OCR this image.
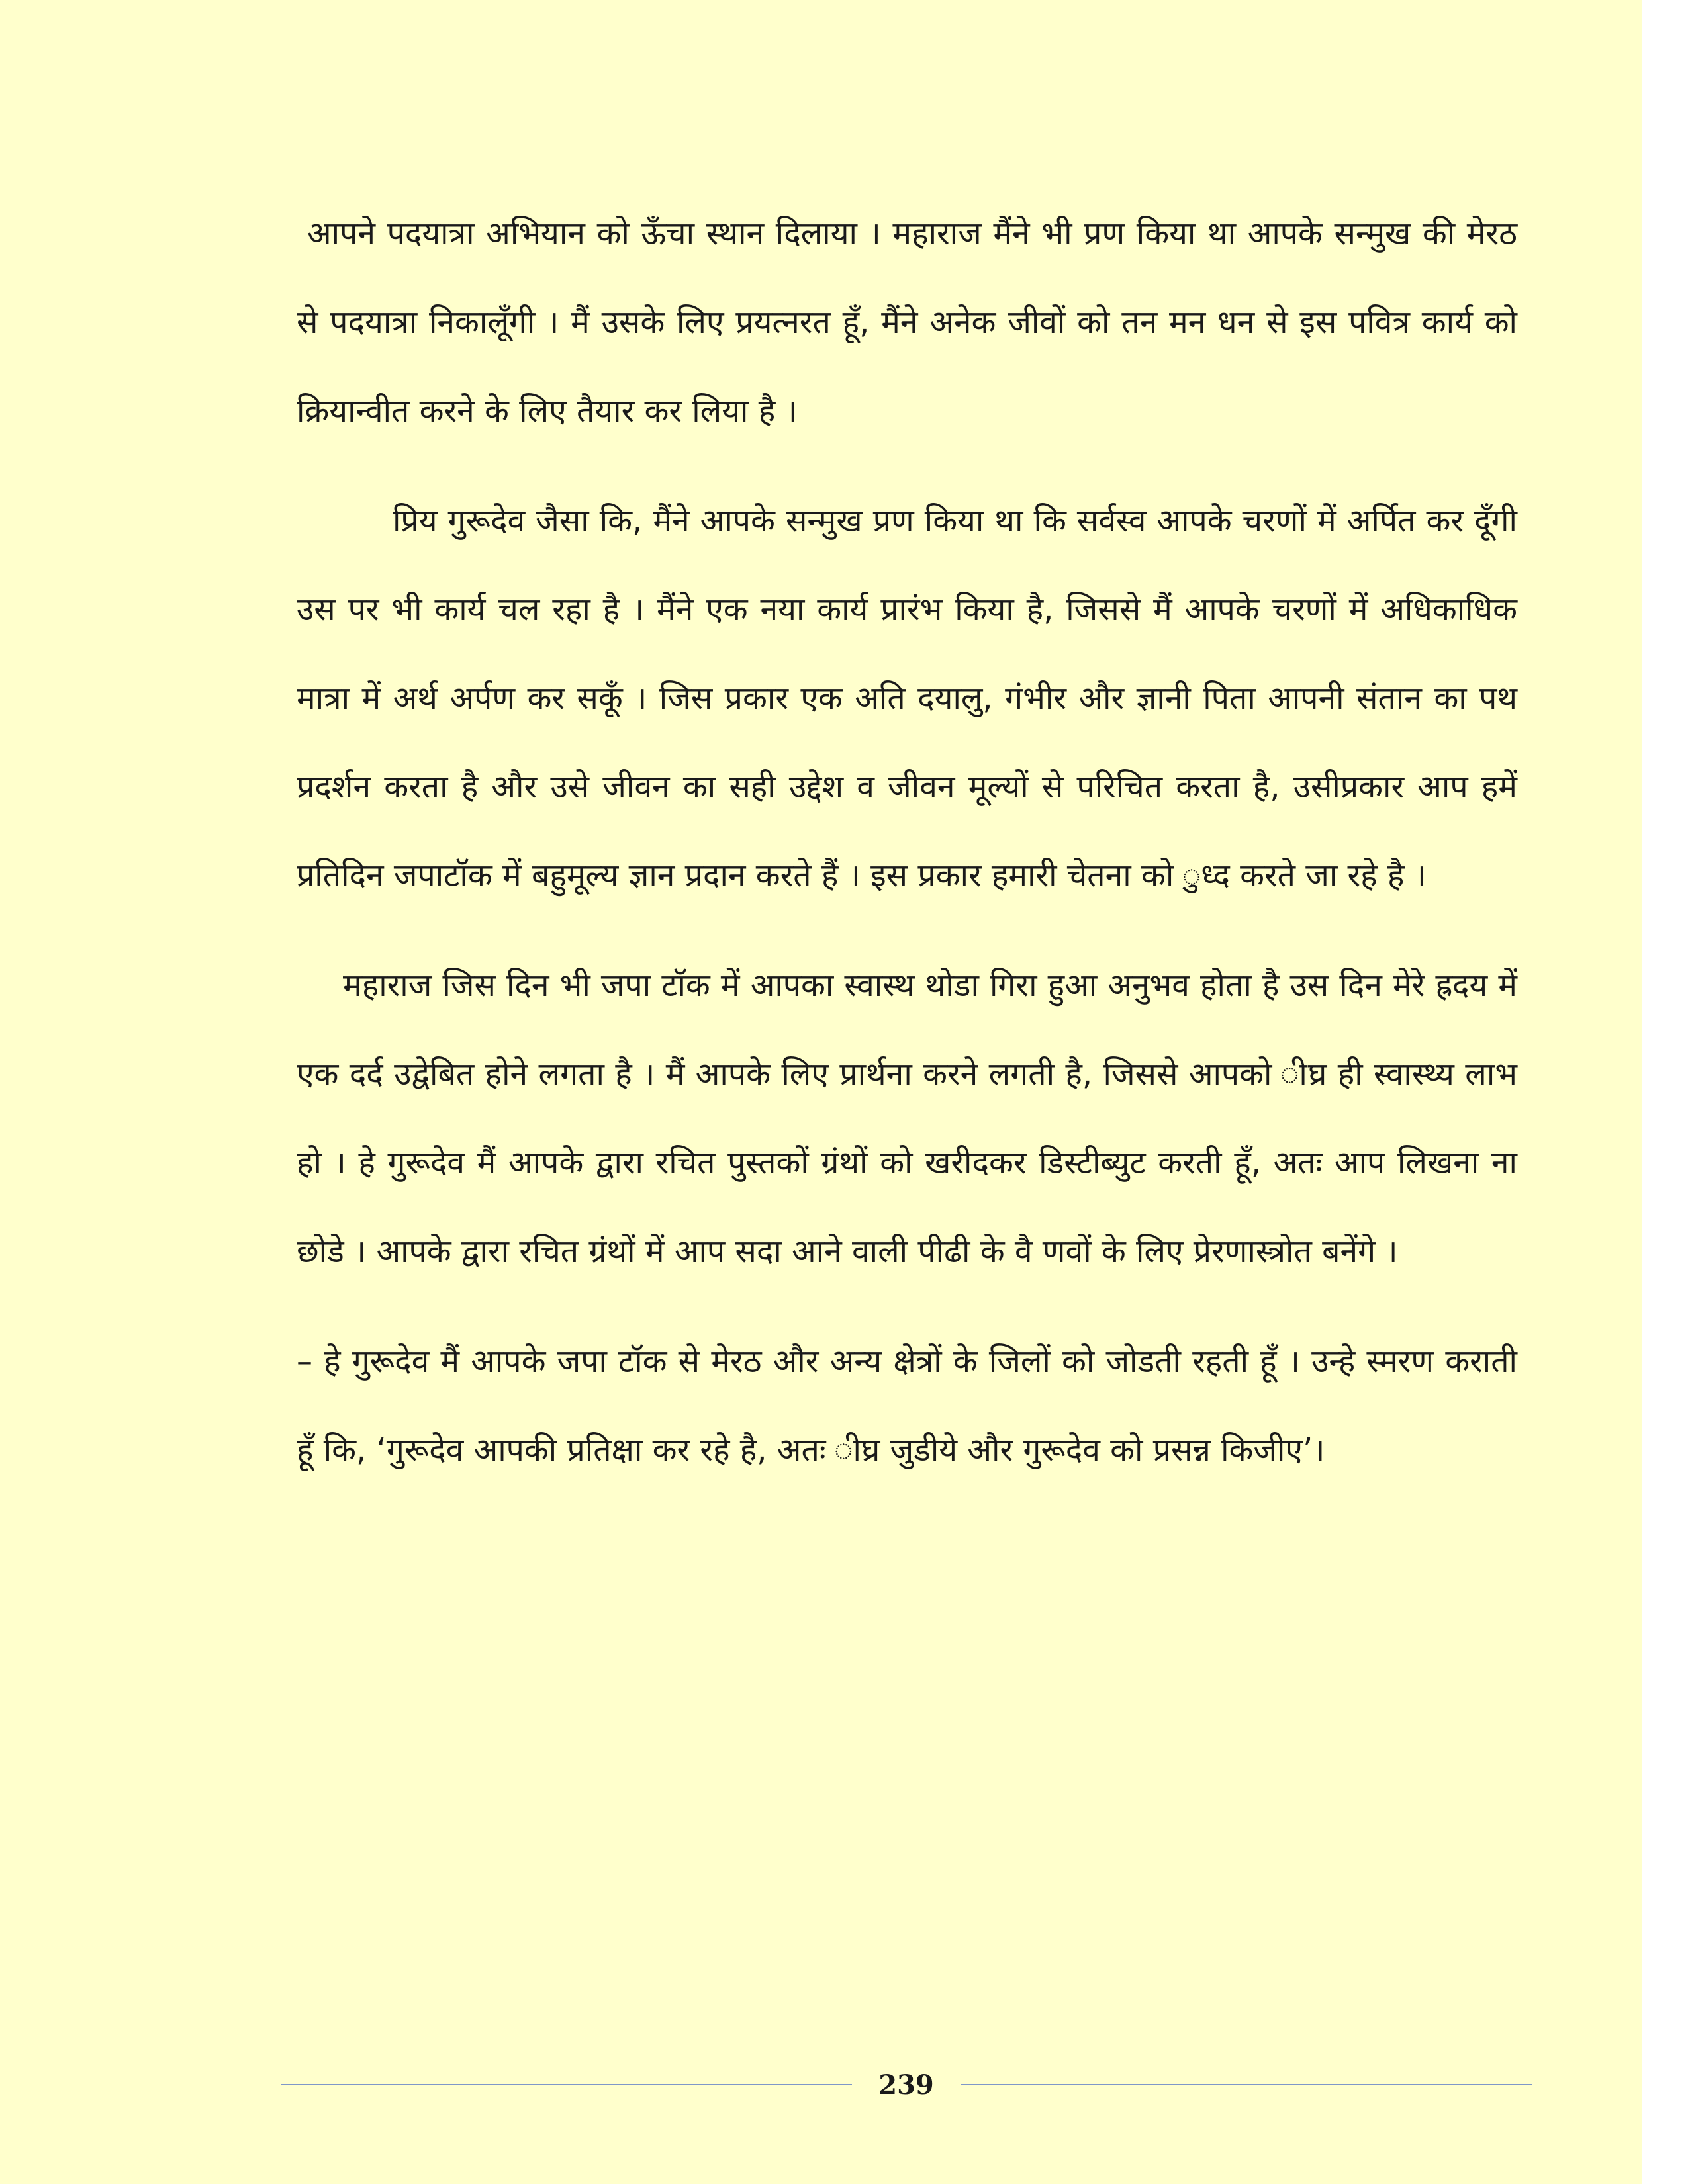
आपने पदयात्रा अभियान को ऊँचा स्थान दिलाया । महाराज मैंने भी प्रण किया था आपके सन्मुख की मेरठ से पदयात्रा निकालूँगी । मैं उसके लिए प्रयत्नरत हूँ, मैंने अनेक जीवों को तन मन धन से इस पवित्र कार्य को क्रियान्वीत करने के लिए तैयार कर लिया है ।

प्रिय गुरूदेव जैसा कि, मैंने आपके सन्मुख प्रण किया था कि सर्वस्व आपके चरणों में अर्पित कर दूँगी उस पर भी कार्य चल रहा है । मैंने एक नया कार्य प्रारंभ किया है, जिससे मैं आपके चरणों में अधिकाधिक मात्रा में अर्थ अर्पण कर सकूँ । जिस प्रकार एक अति दयालु, गंभीर और ज्ञानी पिता आपनी संतान का पथ प्रदर्शन करता है और उसे जीवन का सही उद्देश व जीवन मूल्यों से परिचित करता है, उसीप्रकार आप हमें प्रतिदिन जपाटॉक में बहुमूल्य ज्ञान प्रदान करते हैं । इस प्रकार हमारी चेतना को ुध्द करते जा रहे है ।

महाराज जिस दिन भी जपा टॉक में आपका स्वास्थ थोडा गिरा हुआ अनुभव होता है उस दिन मेरे ह्रदय में एक दर्द उद्वेबित होने लगता है । मैं आपके लिए प्रार्थना करने लगती है, जिससे आपको ीघ्र ही स्वास्थ्य लाभ हो । हे गुरूदेव मैं आपके द्वारा रचित पुस्तकों ग्रंथों को खरीदकर डिस्टीब्युट करती हूँ, अतः आप लिखना ना छोडे । आपके द्वारा रचित ग्रंथों में आप सदा आने वाली पीढी के वै णवों के लिए प्रेरणास्त्रोत बनेंगे ।

– हे गुरूदेव मैं आपके जपा टॉक से मेरठ और अन्य क्षेत्रों के जिलों को जोडती रहती हूँ । उन्हे स्मरण कराती हूँ कि, ‘गुरूदेव आपकी प्रतिक्षा कर रहे है, अतः ीघ्र जुडीये और गुरूदेव को प्रसन्न किजीए’।

239
